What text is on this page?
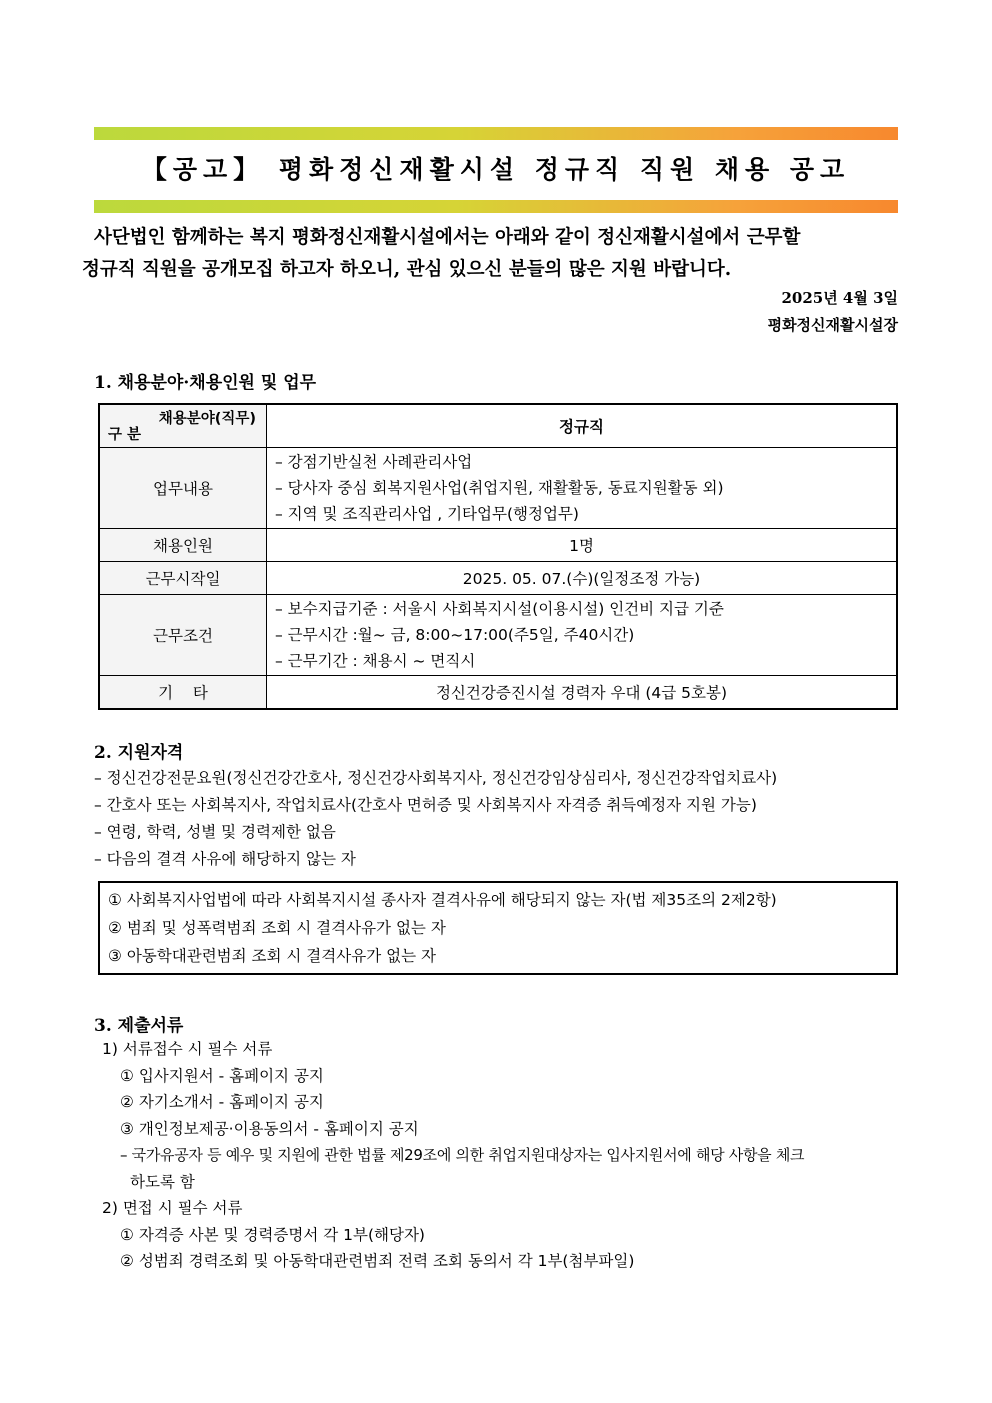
【공고】 평화정신재활시설 정규직 직원 채용 공고
사단법인 함께하는 복지 평화정신재활시설에서는 아래와 같이 정신재활시설에서 근무할
정규직 직원을 공개모집 하고자 하오니, 관심 있으신 분들의 많은 지원 바랍니다.
2025년 4월 3일
평화정신재활시설장
1. 채용분야·채용인원 및 업무
채용분야(직무)
구 분	정규직
업무내용	– 강점기반실천 사례관리사업
– 당사자 중심 회복지원사업(취업지원, 재활활동, 동료지원활동 외)
– 지역 및 조직관리사업 , 기타업무(행정업무)

채용인원	1명
근무시작일	2025. 05. 07.(수)(일정조정 가능)
근무조건	– 보수지급기준 : 서울시 사회복지시설(이용시설) 인건비 지급 기준
– 근무시간 :월~ 금, 8:00~17:00(주5일, 주40시간)
– 근무기간 : 채용시 ~ 면직시

기    타	정신건강증진시설 경력자 우대 (4급 5호봉)
2. 지원자격
– 정신건강전문요원(정신건강간호사, 정신건강사회복지사, 정신건강임상심리사, 정신건강작업치료사)
– 간호사 또는 사회복지사, 작업치료사(간호사 면허증 및 사회복지사 자격증 취득예정자 지원 가능)
– 연령, 학력, 성별 및 경력제한 없음
– 다음의 결격 사유에 해당하지 않는 자
① 사회복지사업법에 따라 사회복지시설 종사자 결격사유에 해당되지 않는 자(법 제35조의 2제2항)
② 범죄 및 성폭력범죄 조회 시 결격사유가 없는 자
③ 아동학대관련범죄 조회 시 결격사유가 없는 자
3. 제출서류
1) 서류접수 시 필수 서류
① 입사지원서 - 홈페이지 공지
② 자기소개서 - 홈페이지 공지
③ 개인정보제공·이용동의서 - 홈페이지 공지
– 국가유공자 등 예우 및 지원에 관한 법률 제29조에 의한 취업지원대상자는 입사지원서에 해당 사항을 체크
하도록 함
2) 면접 시 필수 서류
① 자격증 사본 및 경력증명서 각 1부(해당자)
② 성범죄 경력조회 및 아동학대관련범죄 전력 조회 동의서 각 1부(첨부파일)
